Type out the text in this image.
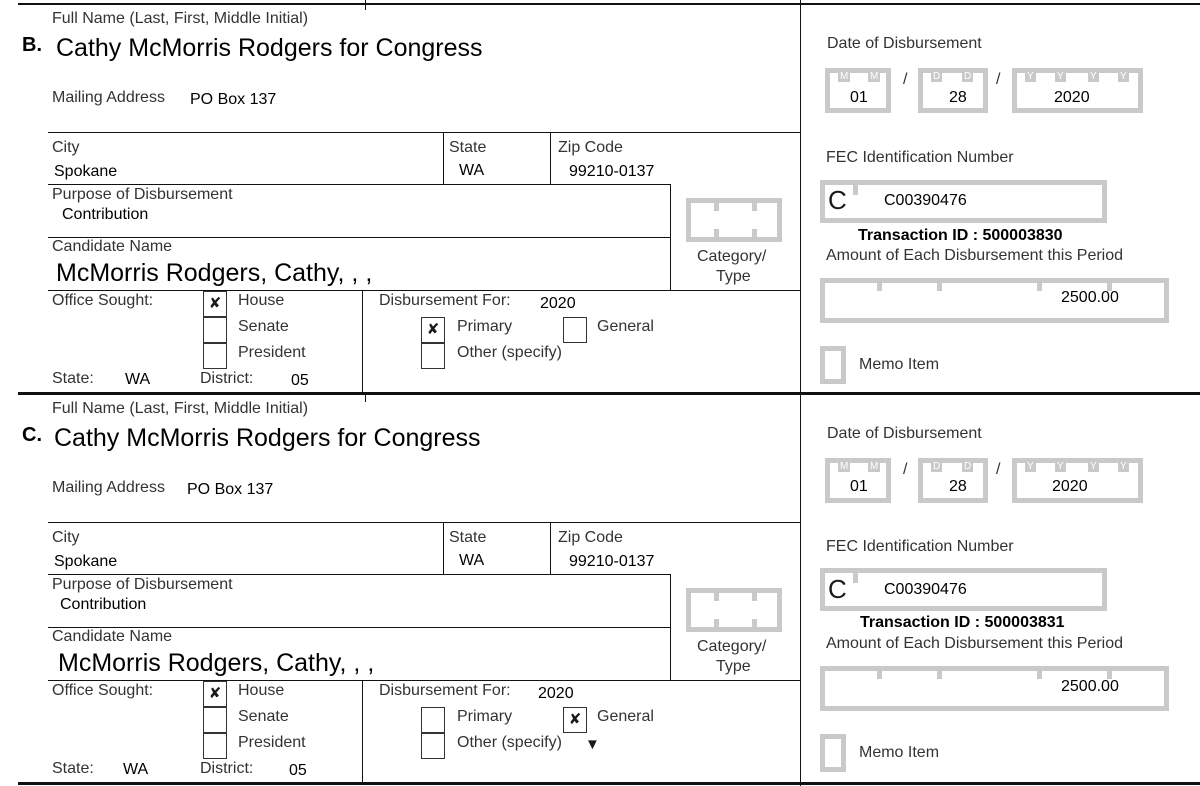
Full Name (Last, First, Middle Initial)
B. Cathy McMorris Rodgers for Congress
Mailing Address PO Box 137
City
Spokane
State
WA
Zip Code
99210-0137
Purpose of Disbursement
Contribution
Candidate Name
McMorris Rodgers, Cathy, , ,
Category/
Type
Office Sought:	✘	House
Senate
President
State: WA	District: 05
Disbursement For: 2020
✘	Primary	General
Other (specify)
Date of Disbursement
M M
01
/	D D
28
/	Y Y	Y Y
2020
FEC Identification Number
C C00390476
Transaction ID : 500003830
Amount of Each Disbursement this Period
2500.00
Memo Item
Full Name (Last, First, Middle Initial)
C. Cathy McMorris Rodgers for Congress
Mailing Address PO Box 137
City
Spokane
State
WA
Zip Code
99210-0137
Purpose of Disbursement
Contribution
Candidate Name
McMorris Rodgers, Cathy, , ,
Category/
Type
Office Sought:	✘	House
Senate
President
State: WA	District: 05
Disbursement For: 2020
Primary	✘ General
Other (specify) ▼
Date of Disbursement
M M
01
/	D D
28
/	Y Y	Y Y
2020
FEC Identification Number
C C00390476
Transaction ID : 500003831
Amount of Each Disbursement this Period
2500.00
Memo Item
